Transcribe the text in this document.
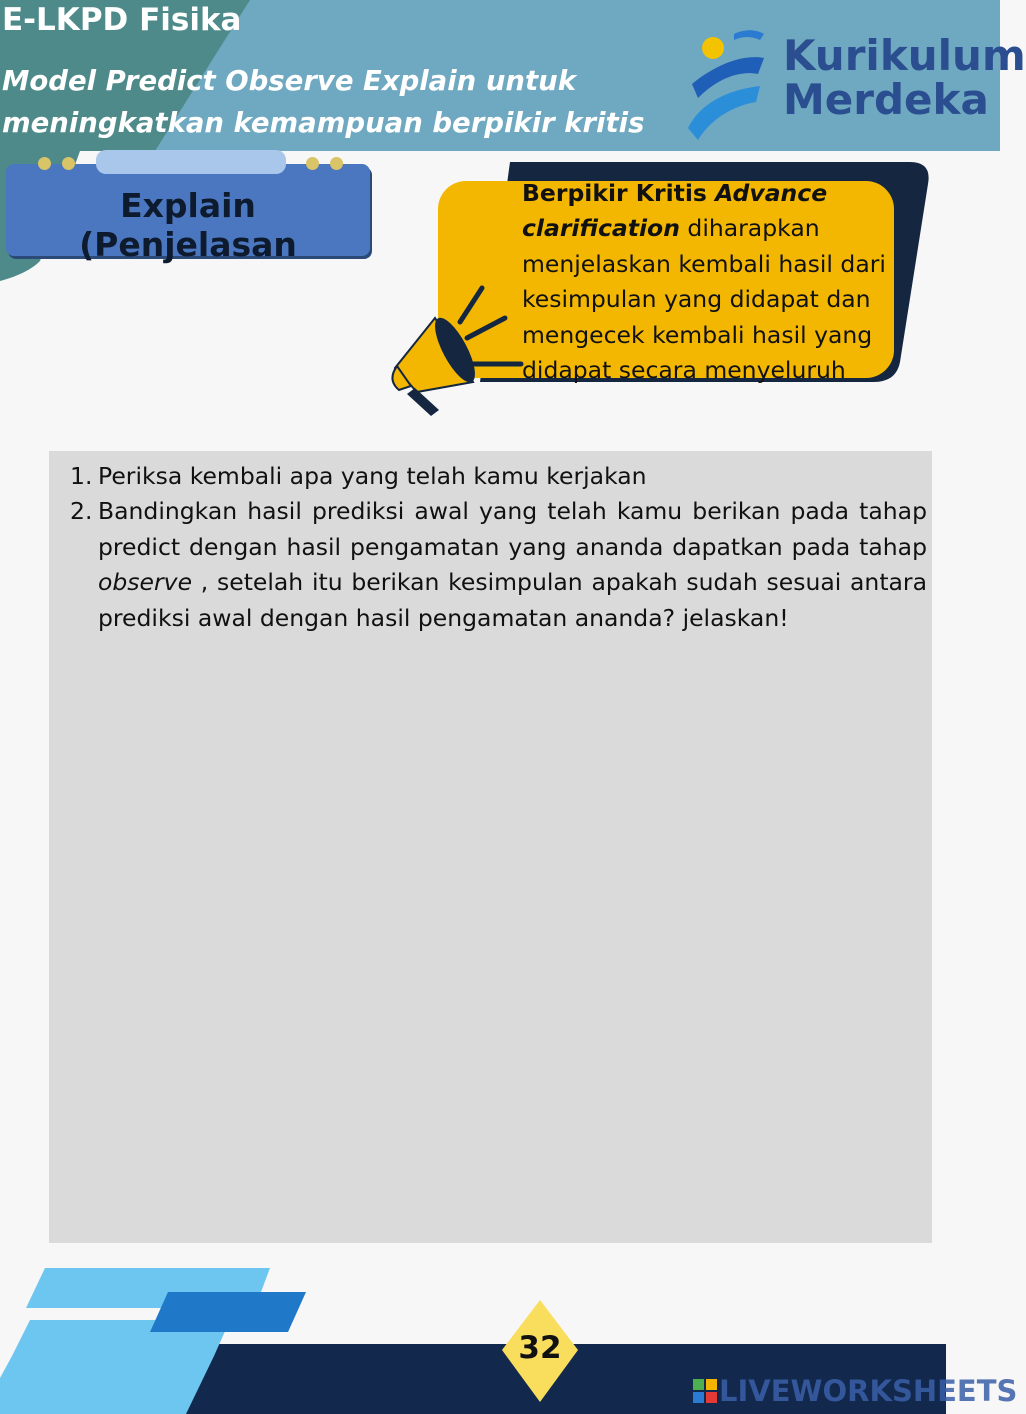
E-LKPD Fisika
Model Predict Observe Explain untuk
meningkatkan kemampuan berpikir kritis
Kurikulum
Merdeka
Explain (Penjelasan
Berpikir Kritis Advance clarification diharapkan menjelaskan kembali hasil dari kesimpulan yang didapat dan mengecek kembali hasil yang didapat secara menyeluruh
1. Periksa kembali apa yang telah kamu kerjakan
2. Bandingkan hasil prediksi awal yang telah kamu berikan pada tahap predict dengan hasil pengamatan yang ananda dapatkan pada tahap observe , setelah itu berikan kesimpulan apakah sudah sesuai antara prediksi awal dengan hasil pengamatan ananda? jelaskan!
32
LIVEWORKSHEETS
